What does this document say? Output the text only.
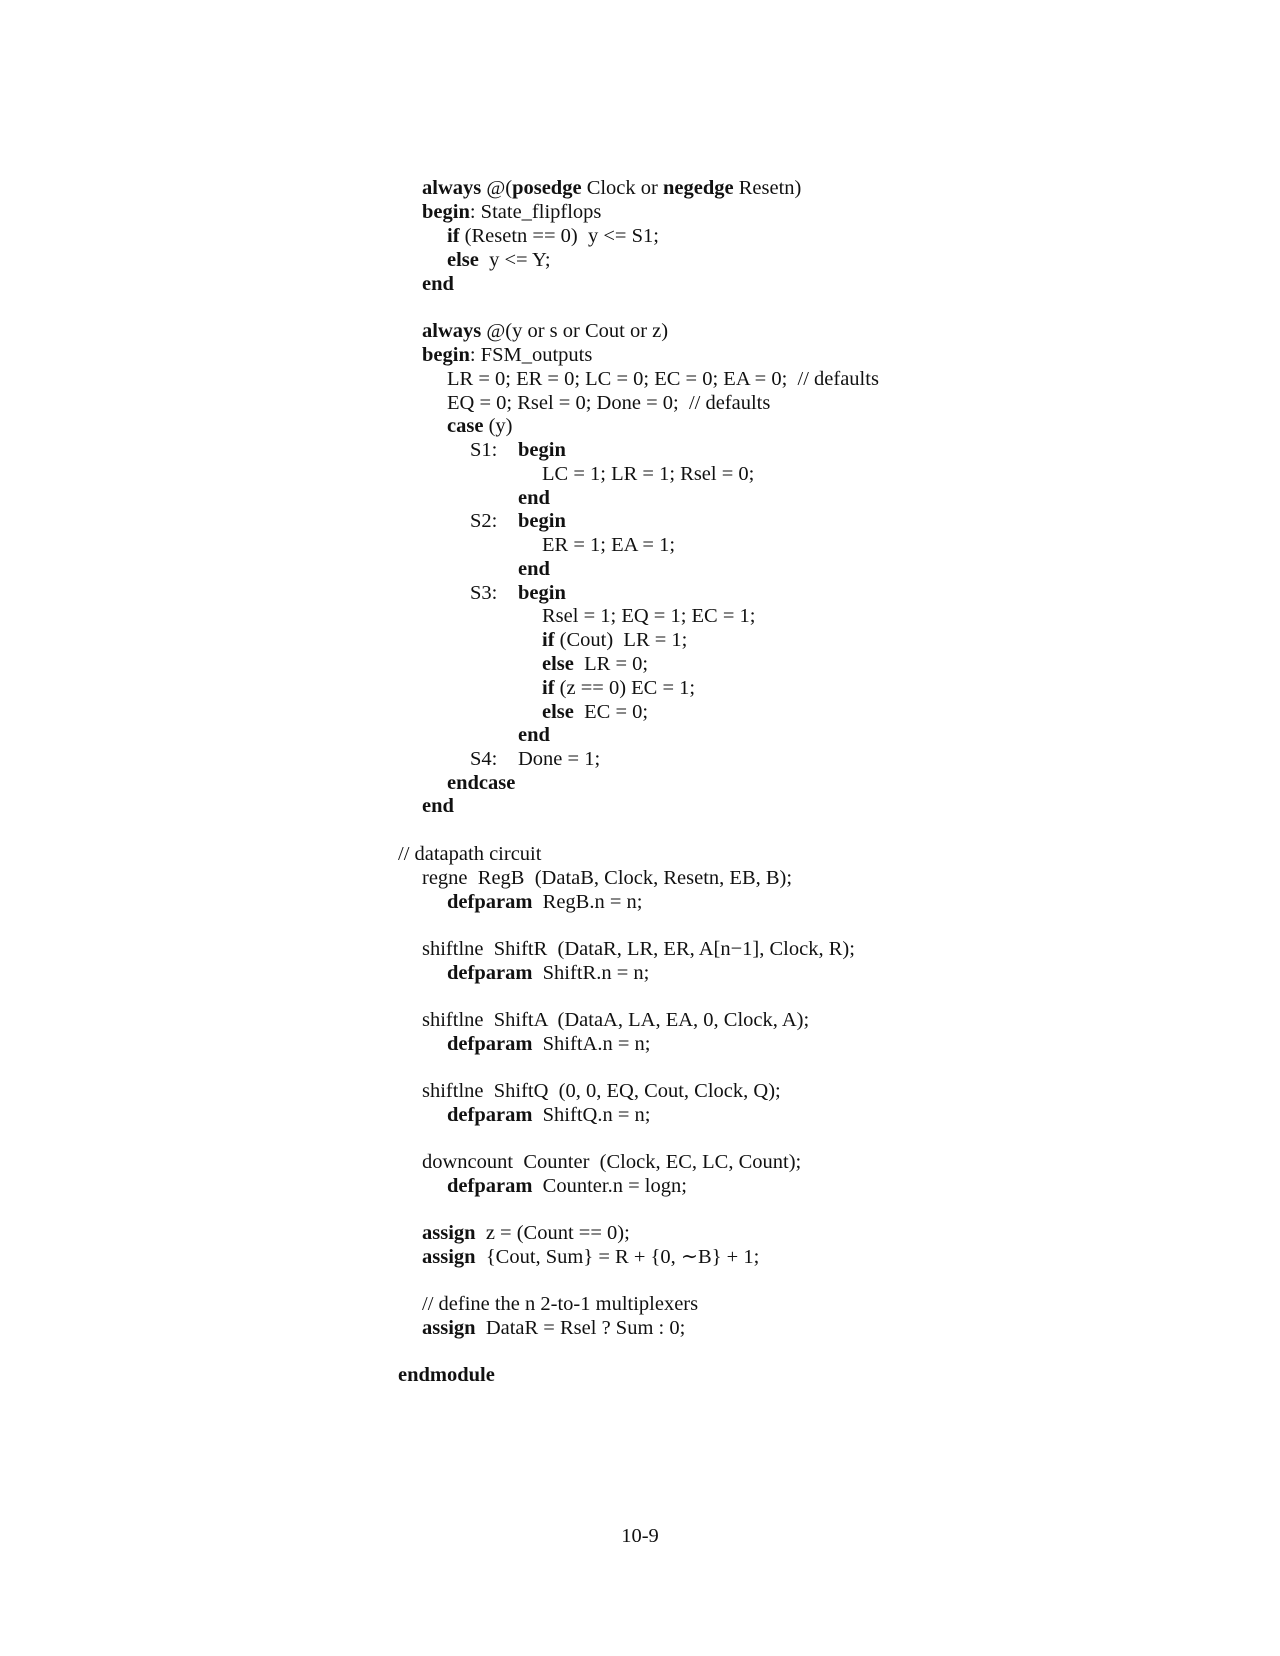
always @(posedge Clock or negedge Resetn)
begin: State_flipflops
if (Resetn == 0)  y <= S1;
else  y <= Y;
end
always @(y or s or Cout or z)
begin: FSM_outputs
LR = 0; ER = 0; LC = 0; EC = 0; EA = 0;  // defaults
EQ = 0; Rsel = 0; Done = 0;  // defaults
case (y)
S1: begin
LC = 1; LR = 1; Rsel = 0;
end
S2: begin
ER = 1; EA = 1;
end
S3: begin
Rsel = 1; EQ = 1; EC = 1;
if (Cout)  LR = 1;
else  LR = 0;
if (z == 0) EC = 1;
else  EC = 0;
end
S4: Done = 1;
endcase
end
// datapath circuit
regne  RegB  (DataB, Clock, Resetn, EB, B);
defparam  RegB.n = n;
shiftlne  ShiftR  (DataR, LR, ER, A[n−1], Clock, R);
defparam  ShiftR.n = n;
shiftlne  ShiftA  (DataA, LA, EA, 0, Clock, A);
defparam  ShiftA.n = n;
shiftlne  ShiftQ  (0, 0, EQ, Cout, Clock, Q);
defparam  ShiftQ.n = n;
downcount  Counter  (Clock, EC, LC, Count);
defparam  Counter.n = logn;
assign  z = (Count == 0);
assign  {Cout, Sum} = R + {0, ∼B} + 1;
// define the n 2-to-1 multiplexers
assign  DataR = Rsel ? Sum : 0;
endmodule
10-9
